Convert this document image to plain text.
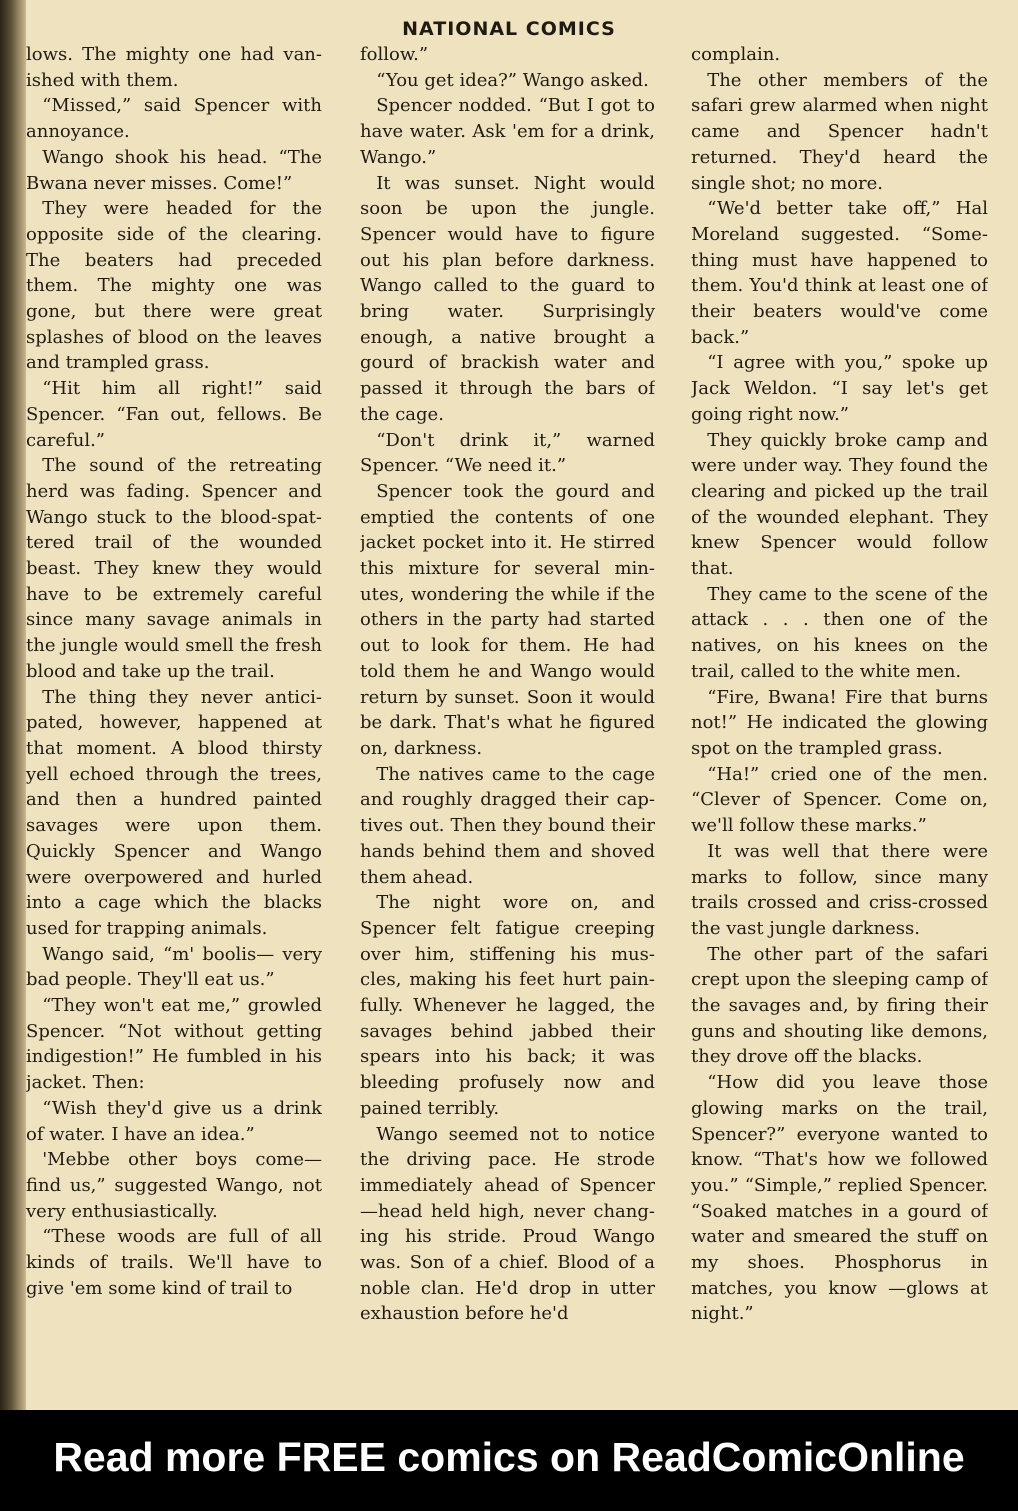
NATIONAL COMICS

lows. The mighty one had vanished with them.

“Missed,” said Spencer with annoyance.

Wango shook his head. “The Bwana never misses. Come!”

They were headed for the opposite side of the clearing. The beaters had preceded them. The mighty one was gone, but there were great splashes of blood on the leaves and trampled grass.

“Hit him all right!” said Spencer. “Fan out, fellows. Be careful.”

The sound of the retreating herd was fading. Spencer and Wango stuck to the blood-spattered trail of the wounded beast. They knew they would have to be extremely careful since many savage animals in the jungle would smell the fresh blood and take up the trail.

The thing they never anticipated, however, happened at that moment. A blood thirsty yell echoed through the trees, and then a hundred painted savages were upon them. Quickly Spencer and Wango were overpowered and hurled into a cage which the blacks used for trapping animals.

Wango said, “m' boolis— very bad people. They'll eat us.”

“They won't eat me,” growled Spencer. “Not without getting indigestion!” He fumbled in his jacket. Then:

“Wish they'd give us a drink of water. I have an idea.”

'Mebbe other boys come— find us,” suggested Wango, not very enthusiastically.

“These woods are full of all kinds of trails. We'll have to give 'em some kind of trail to

follow.”

“You get idea?” Wango asked.

Spencer nodded. “But I got to have water. Ask 'em for a drink, Wango.”

It was sunset. Night would soon be upon the jungle. Spencer would have to figure out his plan before darkness. Wango called to the guard to bring water. Surprisingly enough, a native brought a gourd of brackish water and passed it through the bars of the cage.

“Don't drink it,” warned Spencer. “We need it.”

Spencer took the gourd and emptied the contents of one jacket pocket into it. He stirred this mixture for several minutes, wondering the while if the others in the party had started out to look for them. He had told them he and Wango would return by sunset. Soon it would be dark. That's what he figured on, darkness.

The natives came to the cage and roughly dragged their captives out. Then they bound their hands behind them and shoved them ahead.

The night wore on, and Spencer felt fatigue creeping over him, stiffening his muscles, making his feet hurt painfully. Whenever he lagged, the savages behind jabbed their spears into his back; it was bleeding profusely now and pained terribly.

Wango seemed not to notice the driving pace. He strode immediately ahead of Spencer —head held high, never changing his stride. Proud Wango was. Son of a chief. Blood of a noble clan. He'd drop in utter exhaustion before he'd

complain.

The other members of the safari grew alarmed when night came and Spencer hadn't returned. They'd heard the single shot; no more.

“We'd better take off,” Hal Moreland suggested. “Something must have happened to them. You'd think at least one of their beaters would've come back.”

“I agree with you,” spoke up Jack Weldon. “I say let's get going right now.”

They quickly broke camp and were under way. They found the clearing and picked up the trail of the wounded elephant. They knew Spencer would follow that.

They came to the scene of the attack . . . then one of the natives, on his knees on the trail, called to the white men.

“Fire, Bwana! Fire that burns not!” He indicated the glowing spot on the trampled grass.

“Ha!” cried one of the men. “Clever of Spencer. Come on, we'll follow these marks.”

It was well that there were marks to follow, since many trails crossed and criss-crossed the vast jungle darkness.

The other part of the safari crept upon the sleeping camp of the savages and, by firing their guns and shouting like demons, they drove off the blacks.

“How did you leave those glowing marks on the trail, Spencer?” everyone wanted to know. “That's how we followed you.” “Simple,” replied Spencer. “Soaked matches in a gourd of water and smeared the stuff on my shoes. Phosphorus in matches, you know —glows at night.”

Read more FREE comics on ReadComicOnline
